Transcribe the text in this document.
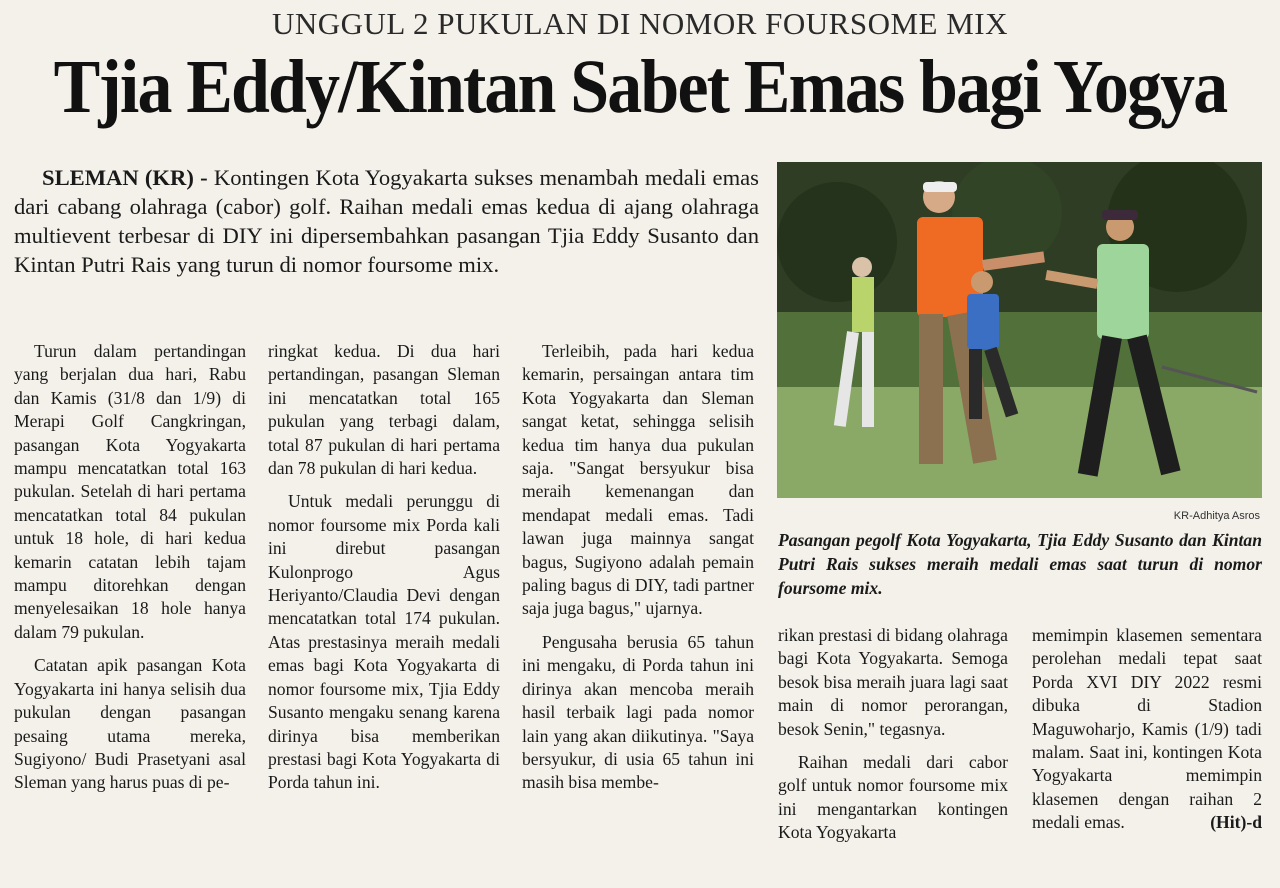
UNGGUL 2 PUKULAN DI NOMOR FOURSOME MIX
Tjia Eddy/Kintan Sabet Emas bagi Yogya
SLEMAN (KR) - Kontingen Kota Yogyakarta sukses menambah medali emas dari cabang olahraga (cabor) golf. Raihan medali emas kedua di ajang olahraga multievent terbesar di DIY ini dipersembahkan pasangan Tjia Eddy Susanto dan Kintan Putri Rais yang turun di nomor foursome mix.

Turun dalam pertandingan yang berjalan dua hari, Rabu dan Kamis (31/8 dan 1/9) di Merapi Golf Cangkringan, pasangan Kota Yogyakarta mampu mencatatkan total 163 pukulan. Setelah di hari pertama mencatatkan total 84 pukulan untuk 18 hole, di hari kedua kemarin catatan lebih tajam mampu ditorehkan dengan menyelesaikan 18 hole hanya dalam 79 pukulan.

Catatan apik pasangan Kota Yogyakarta ini hanya selisih dua pukulan dengan pasangan pesaing utama mereka, Sugiyono/ Budi Prasetyani asal Sleman yang harus puas di pe-

ringkat kedua. Di dua hari pertandingan, pasangan Sleman ini mencatatkan total 165 pukulan yang terbagi dalam, total 87 pukulan di hari pertama dan 78 pukulan di hari kedua.

Untuk medali perunggu di nomor foursome mix Porda kali ini direbut pasangan Kulonprogo Agus Heriyanto/Claudia Devi dengan mencatatkan total 174 pukulan. Atas prestasinya meraih medali emas bagi Kota Yogyakarta di nomor foursome mix, Tjia Eddy Susanto mengaku senang karena dirinya bisa memberikan prestasi bagi Kota Yogyakarta di Porda tahun ini.

Terleibih, pada hari kedua kemarin, persaingan antara tim Kota Yogyakarta dan Sleman sangat ketat, sehingga selisih kedua tim hanya dua pukulan saja. "Sangat bersyukur bisa meraih kemenangan dan mendapat medali emas. Tadi lawan juga mainnya sangat bagus, Sugiyono adalah pemain paling bagus di DIY, tadi partner saja juga bagus," ujarnya.

Pengusaha berusia 65 tahun ini mengaku, di Porda tahun ini dirinya akan mencoba meraih hasil terbaik lagi pada nomor lain yang akan diikutinya. "Saya bersyukur, di usia 65 tahun ini masih bisa membe-

rikan prestasi di bidang olahraga bagi Kota Yogyakarta. Semoga besok bisa meraih juara lagi saat main di nomor perorangan, besok Senin," tegasnya.

Raihan medali dari cabor golf untuk nomor foursome mix ini mengantarkan kontingen Kota Yogyakarta

memimpin klasemen sementara perolehan medali tepat saat Porda XVI DIY 2022 resmi dibuka di Stadion Maguwoharjo, Kamis (1/9) tadi malam. Saat ini, kontingen Kota Yogyakarta memimpin klasemen dengan raihan 2 medali emas.	(Hit)-d

KR-Adhitya Asros
Pasangan pegolf Kota Yogyakarta, Tjia Eddy Susanto dan Kintan Putri Rais sukses meraih medali emas saat turun di nomor foursome mix.
